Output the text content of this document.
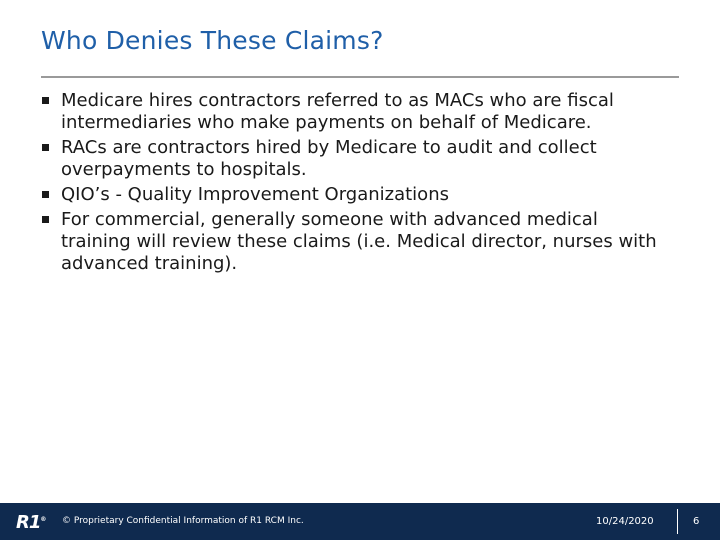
Who Denies These Claims?
Medicare hires contractors referred to as MACs who are fiscal intermediaries who make payments on behalf of Medicare.
RACs are contractors hired by Medicare to audit and collect overpayments to hospitals.
QIO’s - Quality Improvement Organizations
For commercial, generally someone with advanced medical training will review these claims (i.e. Medical director, nurses with advanced training).
R1® © Proprietary Confidential Information of R1 RCM Inc.	10/24/2020	6
